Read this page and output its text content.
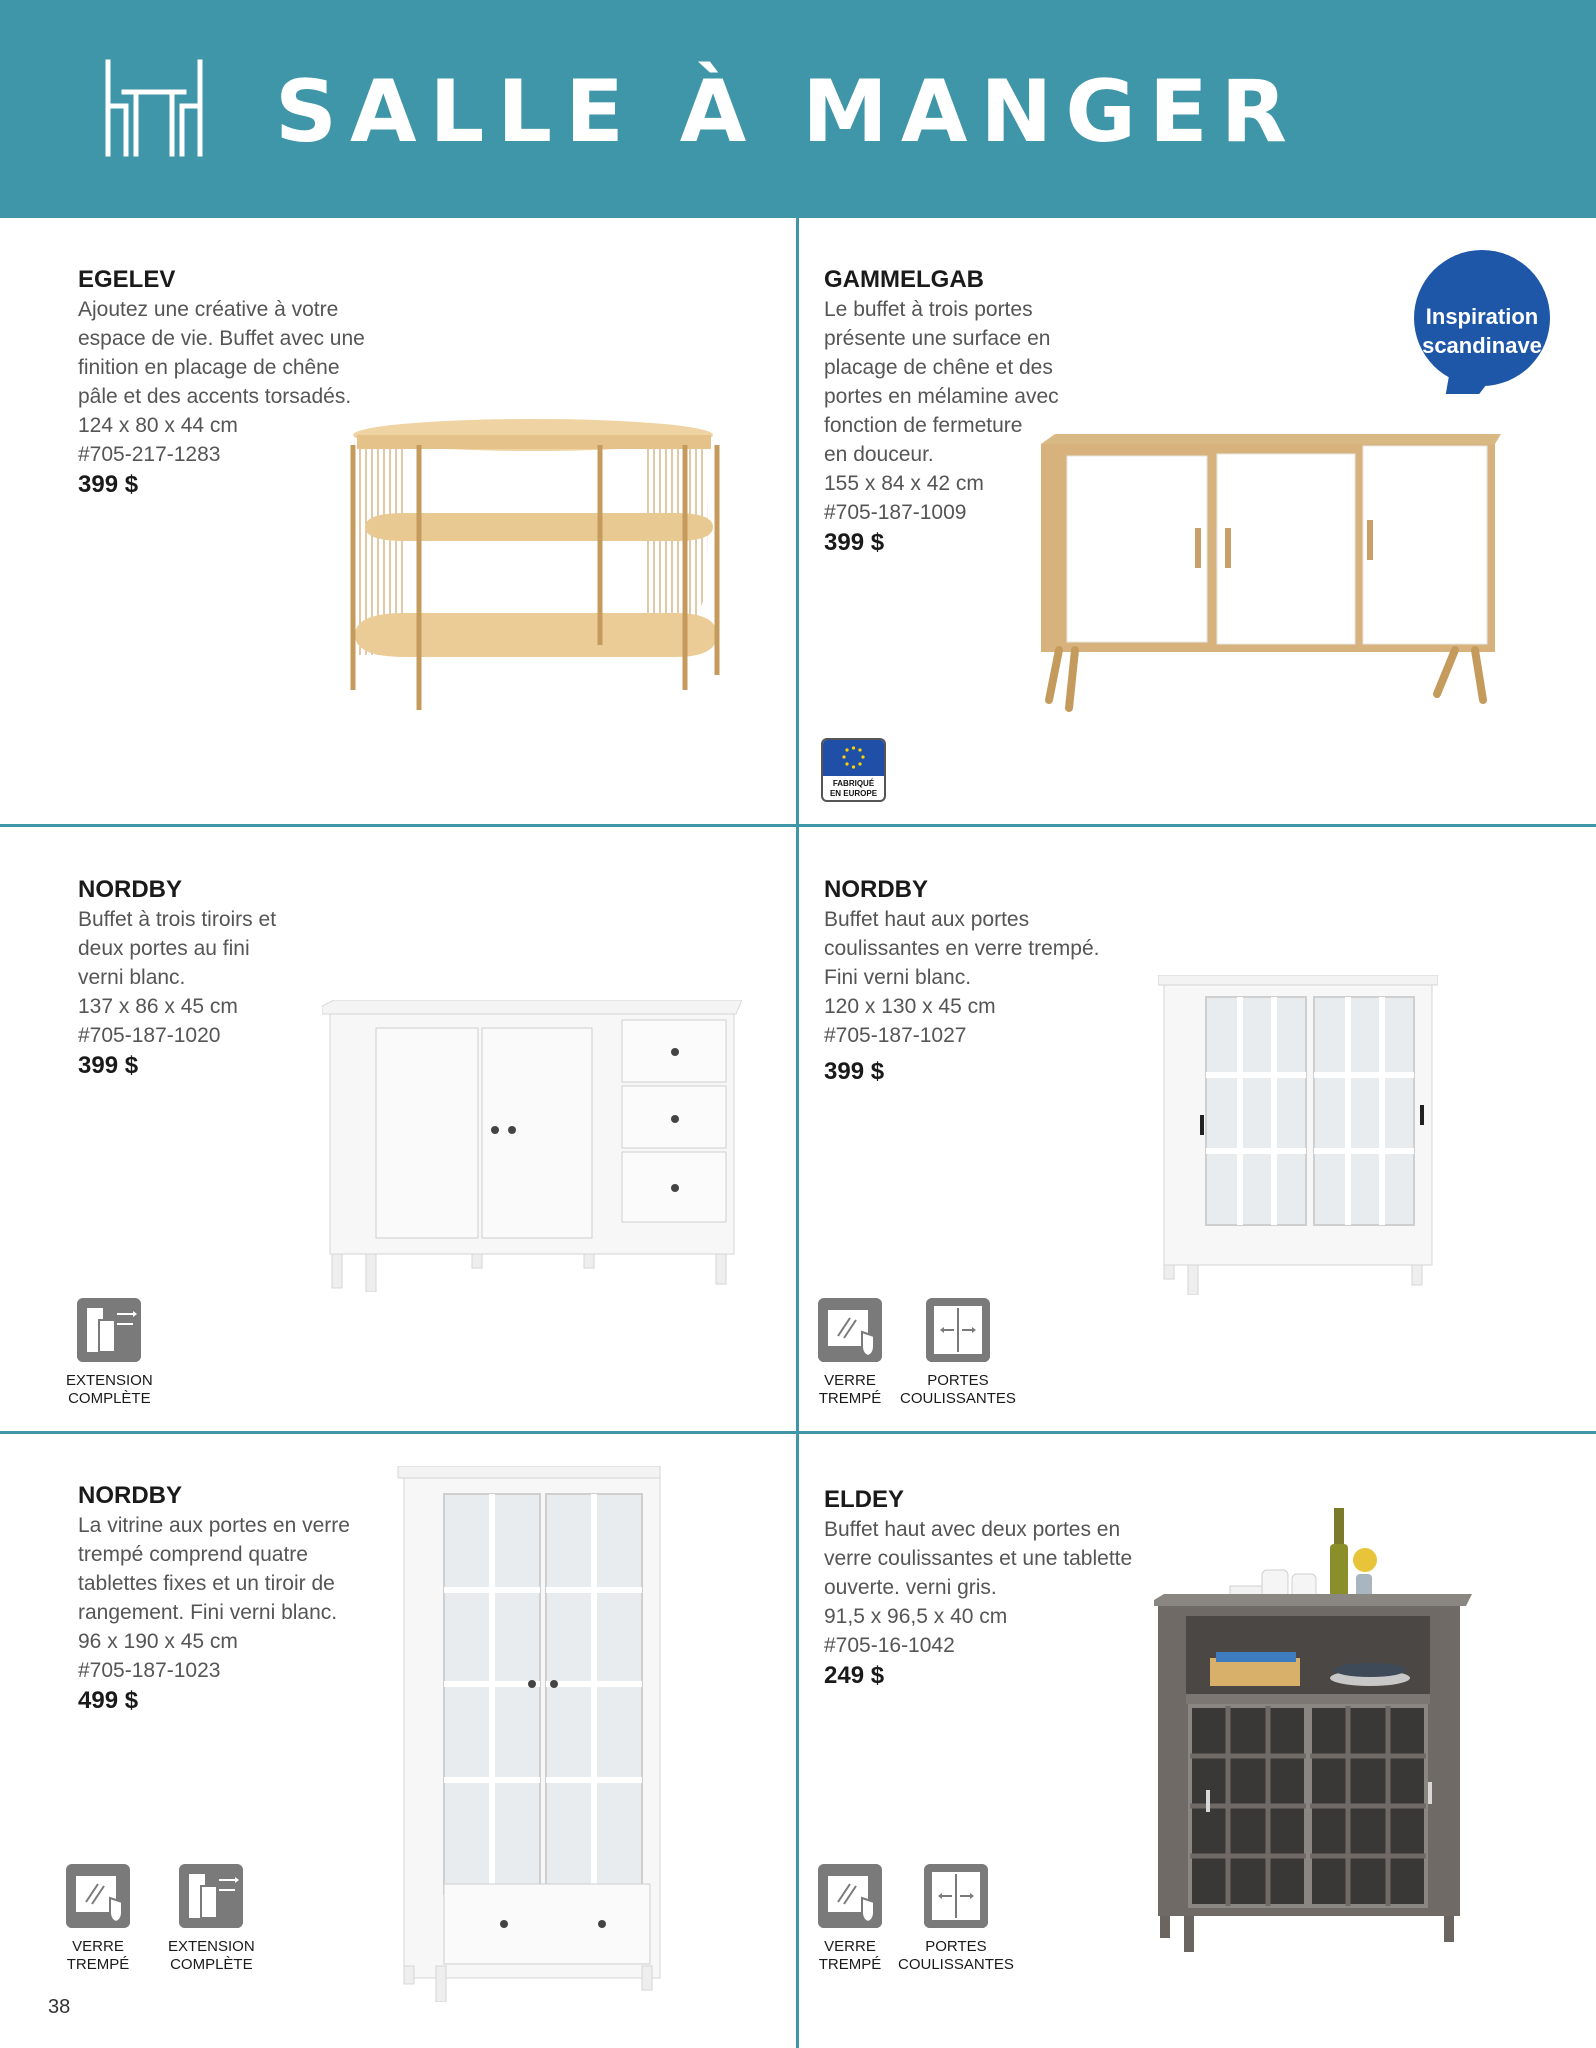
SALLE À MANGER
EGELEV
Ajoutez une créative à votre
espace de vie. Buffet avec une
finition en placage de chêne
pâle et des accents torsadés.
124 x 80 x 44 cm
#705-217-1283
399 $
GAMMELGAB
Le buffet à trois portes
présente une surface en
placage de chêne et des
portes en mélamine avec
fonction de fermeture
en douceur.
155 x 84 x 42 cm
#705-187-1009
399 $
Inspiration
scandinave
FABRIQUÉ
EN EUROPE
NORDBY
Buffet à trois tiroirs et
deux portes au fini
verni blanc.
137 x 86 x 45 cm
#705-187-1020
399 $
EXTENSION
COMPLÈTE
NORDBY
Buffet haut aux portes
coulissantes en verre trempé.
Fini verni blanc.
120 x 130 x 45 cm
#705-187-1027
399 $
VERRE
TREMPÉ
PORTES
COULISSANTES
NORDBY
La vitrine aux portes en verre
trempé comprend quatre
tablettes fixes et un tiroir de
rangement. Fini verni blanc.
96 x 190 x 45 cm
#705-187-1023
499 $
VERRE
TREMPÉ
EXTENSION
COMPLÈTE
ELDEY
Buffet haut avec deux portes en
verre coulissantes et une tablette
ouverte. verni gris.
91,5 x 96,5 x 40 cm
#705-16-1042
249 $
VERRE
TREMPÉ
PORTES
COULISSANTES
38
